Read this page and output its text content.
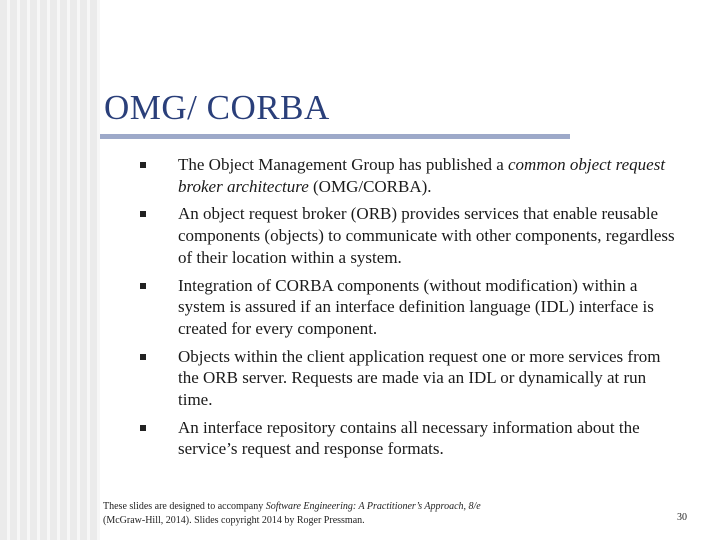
OMG/ CORBA
The Object Management Group has published a common object request broker architecture (OMG/CORBA).
An object request broker (ORB) provides services that enable reusable components (objects) to communicate with other components, regardless of their location within a system.
Integration of CORBA components (without modification) within a system is assured if an interface definition language (IDL) interface is created for every component.
Objects within the client application request one or more services from the ORB server. Requests are made via an IDL or dynamically at run time.
An interface repository contains all necessary information about the service’s request and response formats.
These slides are designed to accompany Software Engineering: A Practitioner’s Approach, 8/e (McGraw-Hill, 2014). Slides copyright 2014 by Roger Pressman.	30
